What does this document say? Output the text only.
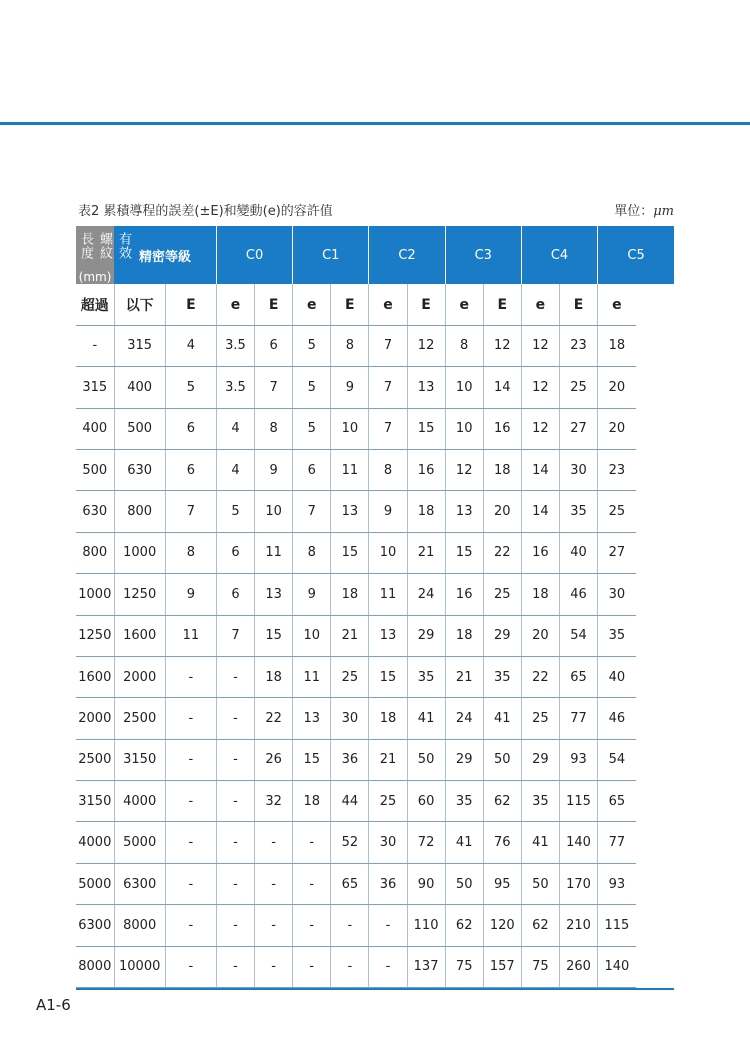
表2 累積導程的誤差(±E)和變動(e)的容許值	單位：μm
有效螺紋長度
(mm)	精密等級		C0		C1		C2		C3		C4		C5
超過	以下	E	e	E	e	E	e	E	e	E	e	E	e
-	315	4	3.5	6	5	8	7	12	8	12	12	23	18
315	400	5	3.5	7	5	9	7	13	10	14	12	25	20
400	500	6	4	8	5	10	7	15	10	16	12	27	20
500	630	6	4	9	6	11	8	16	12	18	14	30	23
630	800	7	5	10	7	13	9	18	13	20	14	35	25
800	1000	8	6	11	8	15	10	21	15	22	16	40	27
1000	1250	9	6	13	9	18	11	24	16	25	18	46	30
1250	1600	11	7	15	10	21	13	29	18	29	20	54	35
1600	2000	-	-	18	11	25	15	35	21	35	22	65	40
2000	2500	-	-	22	13	30	18	41	24	41	25	77	46
2500	3150	-	-	26	15	36	21	50	29	50	29	93	54
3150	4000	-	-	32	18	44	25	60	35	62	35	115	65
4000	5000	-	-	-	-	52	30	72	41	76	41	140	77
5000	6300	-	-	-	-	65	36	90	50	95	50	170	93
6300	8000	-	-	-	-	-	-	110	62	120	62	210	115
8000	10000	-	-	-	-	-	-	137	75	157	75	260	140
A1-6
